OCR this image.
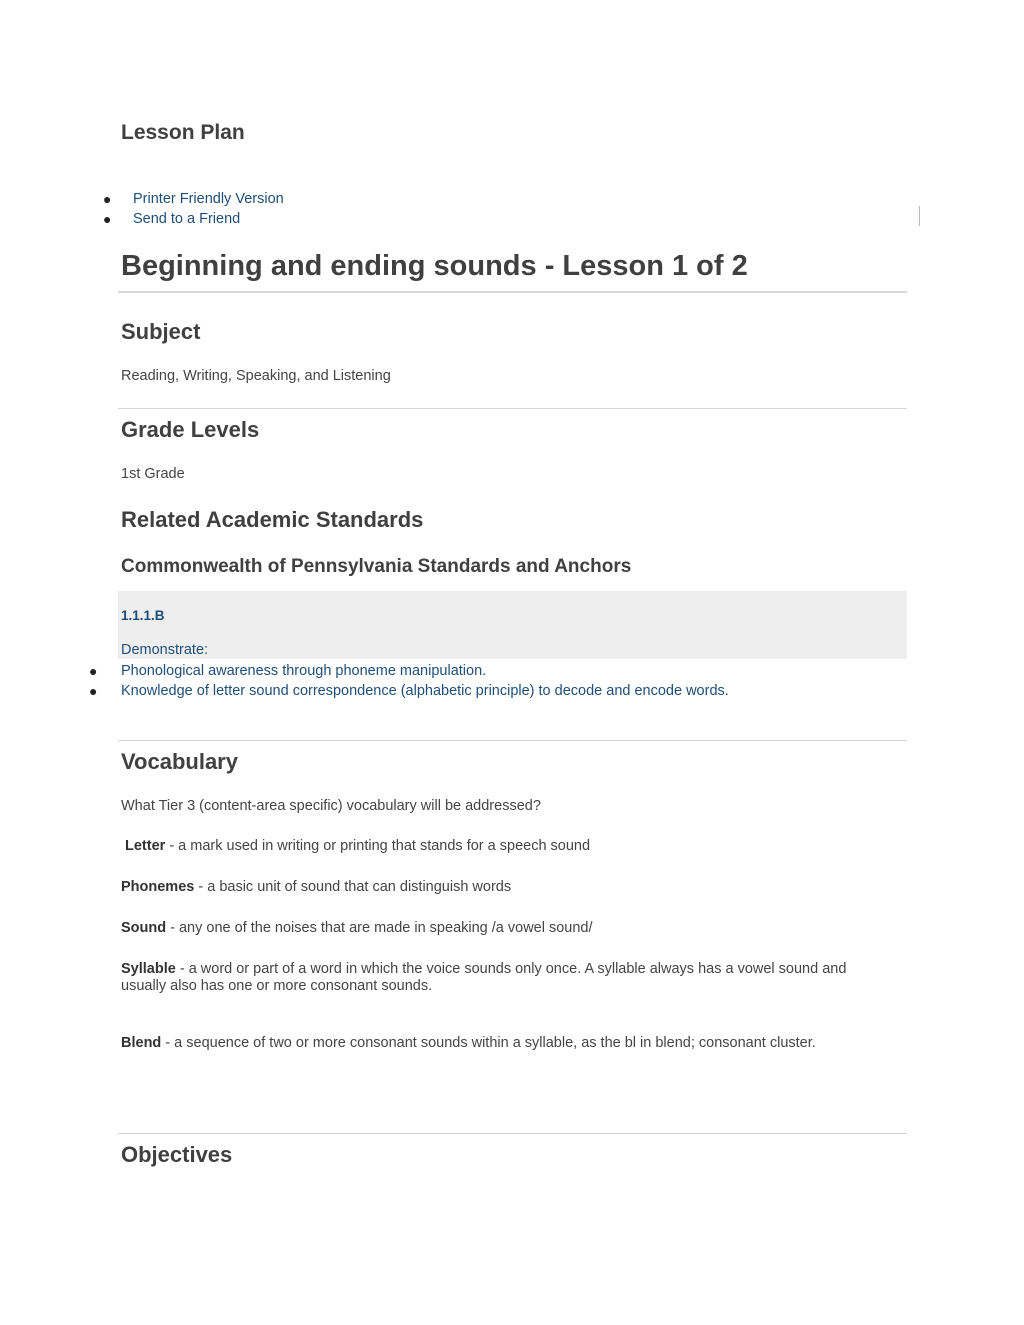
Lesson Plan
● Printer Friendly Version
● Send to a Friend
Beginning and ending sounds - Lesson 1 of 2
Subject

Reading, Writing, Speaking, and Listening

Grade Levels

1st Grade

Related Academic Standards
Commonwealth of Pennsylvania Standards and Anchors
1.1.1.B
Demonstrate:
● Phonological awareness through phoneme manipulation.
● Knowledge of letter sound correspondence (alphabetic principle) to decode and encode words.
Vocabulary

What Tier 3 (content-area specific) vocabulary will be addressed?

Letter - a mark used in writing or printing that stands for a speech sound

Phonemes - a basic unit of sound that can distinguish words

Sound - any one of the noises that are made in speaking /a vowel sound/

Syllable - a word or part of a word in which the voice sounds only once. A syllable always has a vowel sound and usually also has one or more consonant sounds.

Blend - a sequence of two or more consonant sounds within a syllable, as the bl in blend; consonant cluster.

Objectives
